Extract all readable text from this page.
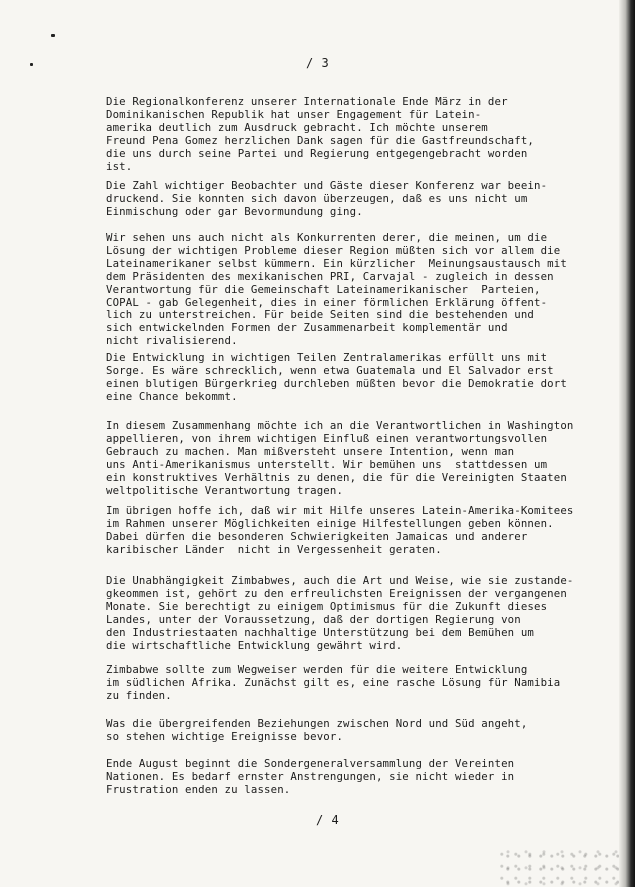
/ 3

Die Regionalkonferenz unserer Internationale Ende März in der
Dominikanischen Republik hat unser Engagement für Latein-
amerika deutlich zum Ausdruck gebracht. Ich möchte unserem
Freund Pena Gomez herzlichen Dank sagen für die Gastfreundschaft,
die uns durch seine Partei und Regierung entgegengebracht worden
ist.

Die Zahl wichtiger Beobachter und Gäste dieser Konferenz war beein-
druckend. Sie konnten sich davon überzeugen, daß es uns nicht um
Einmischung oder gar Bevormundung ging.

Wir sehen uns auch nicht als Konkurrenten derer, die meinen, um die
Lösung der wichtigen Probleme dieser Region müßten sich vor allem die
Lateinamerikaner selbst kümmern. Ein kürzlicher  Meinungsaustausch mit
dem Präsidenten des mexikanischen PRI, Carvajal - zugleich in dessen
Verantwortung für die Gemeinschaft Lateinamerikanischer  Parteien,
COPAL - gab Gelegenheit, dies in einer förmlichen Erklärung öffent-
lich zu unterstreichen. Für beide Seiten sind die bestehenden und
sich entwickelnden Formen der Zusammenarbeit komplementär und
nicht rivalisierend.

Die Entwicklung in wichtigen Teilen Zentralamerikas erfüllt uns mit
Sorge. Es wäre schrecklich, wenn etwa Guatemala und El Salvador erst
einen blutigen Bürgerkrieg durchleben müßten bevor die Demokratie dort
eine Chance bekommt.

In diesem Zusammenhang möchte ich an die Verantwortlichen in Washington
appellieren, von ihrem wichtigen Einfluß einen verantwortungsvollen
Gebrauch zu machen. Man mißversteht unsere Intention, wenn man
uns Anti-Amerikanismus unterstellt. Wir bemühen uns  stattdessen um
ein konstruktives Verhältnis zu denen, die für die Vereinigten Staaten
weltpolitische Verantwortung tragen.

Im übrigen hoffe ich, daß wir mit Hilfe unseres Latein-Amerika-Komitees
im Rahmen unserer Möglichkeiten einige Hilfestellungen geben können.
Dabei dürfen die besonderen Schwierigkeiten Jamaicas und anderer
karibischer Länder  nicht in Vergessenheit geraten.

Die Unabhängigkeit Zimbabwes, auch die Art und Weise, wie sie zustande-
gkeommen ist, gehört zu den erfreulichsten Ereignissen der vergangenen
Monate. Sie berechtigt zu einigem Optimismus für die Zukunft dieses
Landes, unter der Voraussetzung, daß der dortigen Regierung von
den Industriestaaten nachhaltige Unterstützung bei dem Bemühen um
die wirtschaftliche Entwicklung gewährt wird.

Zimbabwe sollte zum Wegweiser werden für die weitere Entwicklung
im südlichen Afrika. Zunächst gilt es, eine rasche Lösung für Namibia
zu finden.

Was die übergreifenden Beziehungen zwischen Nord und Süd angeht,
so stehen wichtige Ereignisse bevor.

Ende August beginnt die Sondergeneralversammlung der Vereinten
Nationen. Es bedarf ernster Anstrengungen, sie nicht wieder in
Frustration enden zu lassen.

/ 4
